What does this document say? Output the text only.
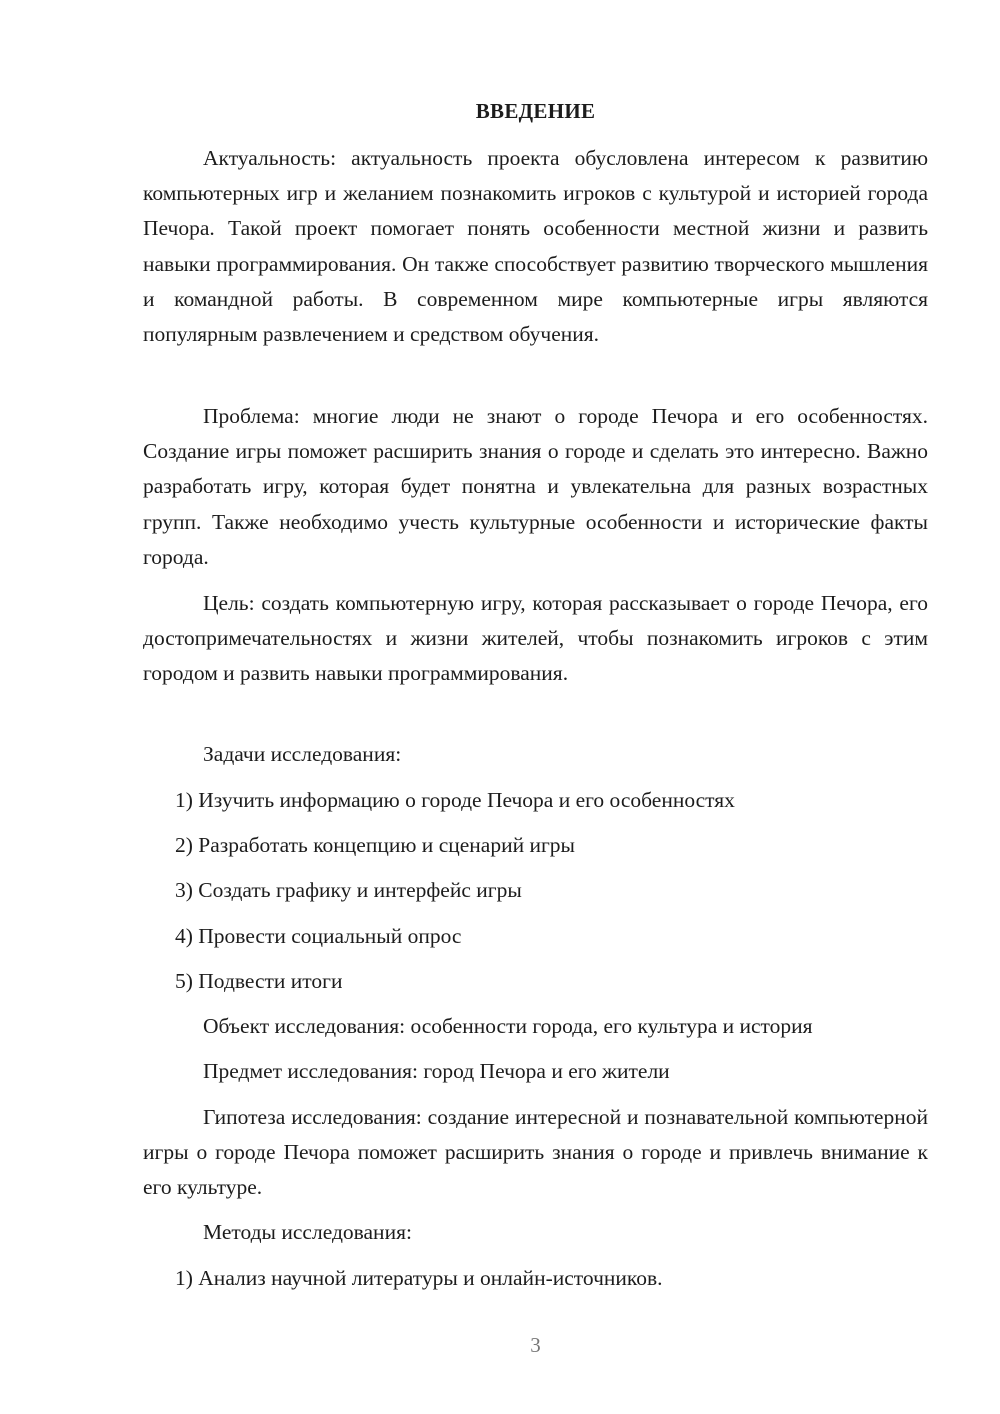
ВВЕДЕНИЕ

Актуальность: актуальность проекта обусловлена интересом к развитию компьютерных игр и желанием познакомить игроков с культурой и историей города Печора. Такой проект помогает понять особенности местной жизни и развить навыки программирования. Он также способствует развитию творческого мышления и командной работы. В современном мире компьютерные игры являются популярным развлечением и средством обучения.

Проблема: многие люди не знают о городе Печора и его особенностях. Создание игры поможет расширить знания о городе и сделать это интересно. Важно разработать игру, которая будет понятна и увлекательна для разных возрастных групп. Также необходимо учесть культурные особенности и исторические факты города.

Цель: создать компьютерную игру, которая рассказывает о городе Печора, его достопримечательностях и жизни жителей, чтобы познакомить игроков с этим городом и развить навыки программирования.

Задачи исследования:
1) Изучить информацию о городе Печора и его особенностях
2) Разработать концепцию и сценарий игры
3) Создать графику и интерфейс игры
4) Провести социальный опрос
5) Подвести итоги
Объект исследования: особенности города, его культура и история
Предмет исследования: город Печора и его жители

Гипотеза исследования: создание интересной и познавательной компьютерной игры о городе Печора поможет расширить знания о городе и привлечь внимание к его культуре.

Методы исследования:
1) Анализ научной литературы и онлайн-источников.
3
